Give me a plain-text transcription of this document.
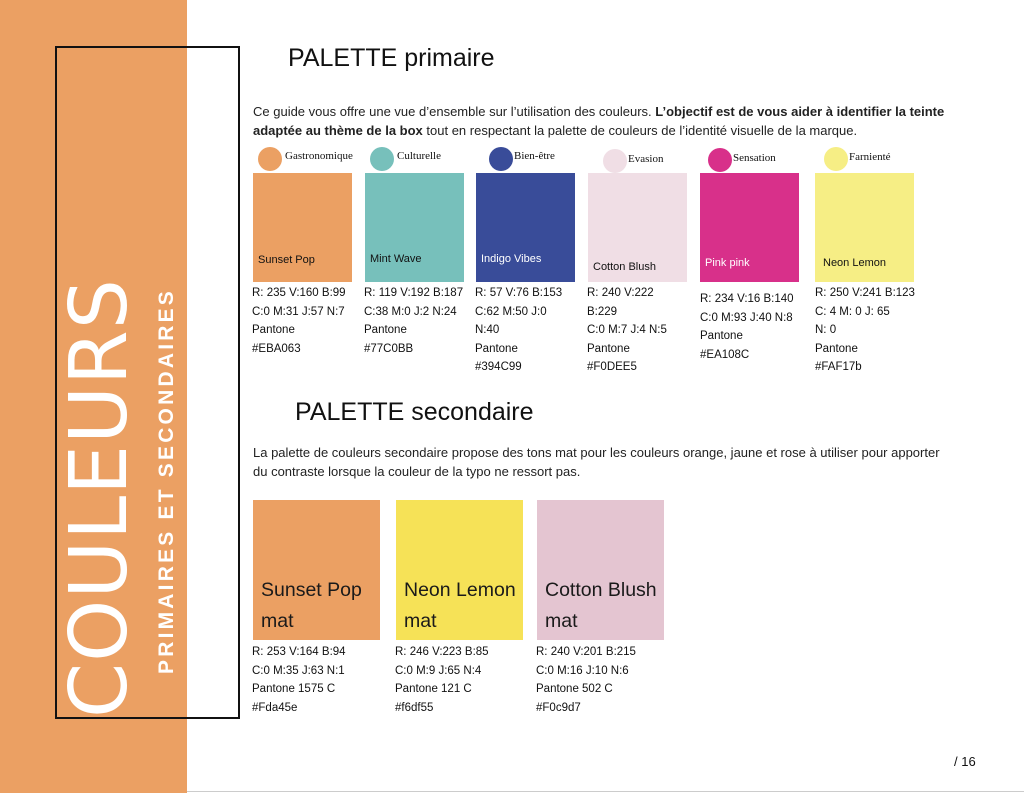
COULEURS PRIMAIRES ET SECONDAIRES
PALETTE primaire
Ce guide vous offre une vue d’ensemble sur l’utilisation des couleurs. L’objectif est de vous aider à identifier la teinte adaptée au thème de la box tout en respectant la palette de couleurs de l’identité visuelle de la marque.
Gastronomique
Sunset Pop
R: 235 V:160 B:99
C:0 M:31 J:57 N:7
Pantone
#EBA063
Culturelle
Mint Wave
R: 119 V:192 B:187
C:38 M:0 J:2 N:24
Pantone
#77C0BB
Bien-être
Indigo Vibes
R: 57 V:76 B:153
C:62 M:50 J:0
N:40
Pantone
#394C99
Evasion
Cotton Blush
R: 240 V:222
B:229
C:0 M:7 J:4 N:5
Pantone
#F0DEE5
Sensation
Pink pink
R: 234 V:16 B:140
C:0 M:93 J:40 N:8
Pantone
#EA108C
Farnienté
Neon Lemon
R: 250 V:241 B:123
C: 4 M: 0 J: 65
N: 0
Pantone
#FAF17b
PALETTE secondaire
La palette de couleurs secondaire propose des tons mat pour les couleurs orange, jaune et rose à utiliser pour apporter du contraste lorsque la couleur de la typo ne ressort pas.
Sunset Pop mat
R: 253 V:164 B:94
C:0 M:35 J:63 N:1
Pantone 1575 C
#Fda45e
Neon Lemon mat
R: 246 V:223 B:85
C:0 M:9 J:65 N:4
Pantone 121 C
#f6df55
Cotton Blush mat
R: 240 V:201 B:215
C:0 M:16 J:10 N:6
Pantone 502 C
#F0c9d7
/ 16
